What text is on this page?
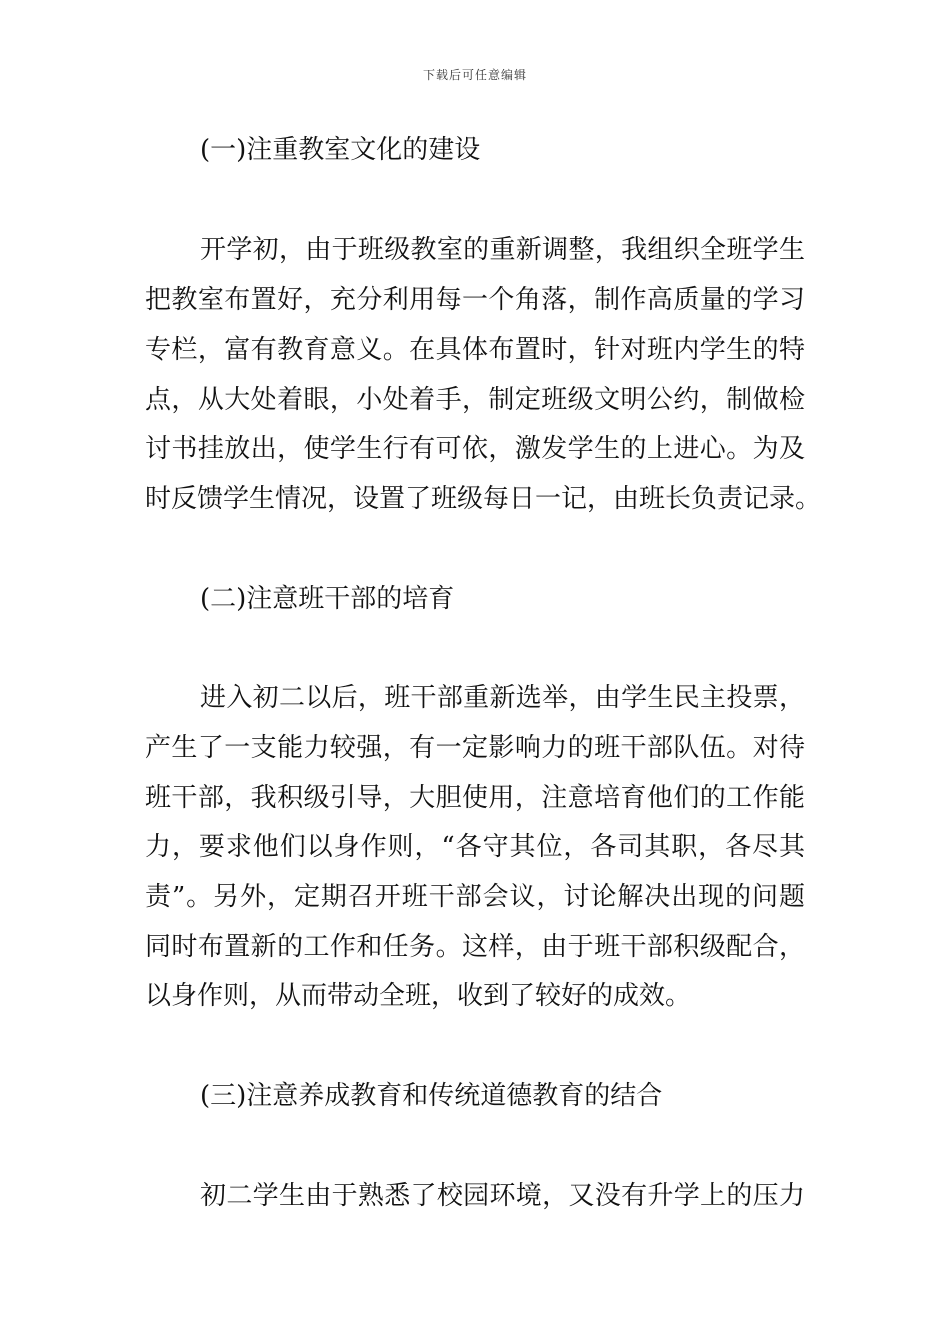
下载后可任意编辑
(一)注重教室文化的建设
开学初，由于班级教室的重新调整，我组织全班学生
把教室布置好，充分利用每一个角落，制作高质量的学习
专栏，富有教育意义。在具体布置时，针对班内学生的特
点，从大处着眼，小处着手，制定班级文明公约，制做检
讨书挂放出，使学生行有可依，激发学生的上进心。为及
时反馈学生情况，设置了班级每日一记，由班长负责记录。
(二)注意班干部的培育
进入初二以后，班干部重新选举，由学生民主投票，
产生了一支能力较强，有一定影响力的班干部队伍。对待
班干部，我积级引导，大胆使用，注意培育他们的工作能
力，要求他们以身作则，“各守其位，各司其职，各尽其
责”。另外，定期召开班干部会议，讨论解决出现的问题
同时布置新的工作和任务。这样，由于班干部积级配合，
以身作则，从而带动全班，收到了较好的成效。
(三)注意养成教育和传统道德教育的结合
初二学生由于熟悉了校园环境，又没有升学上的压力
